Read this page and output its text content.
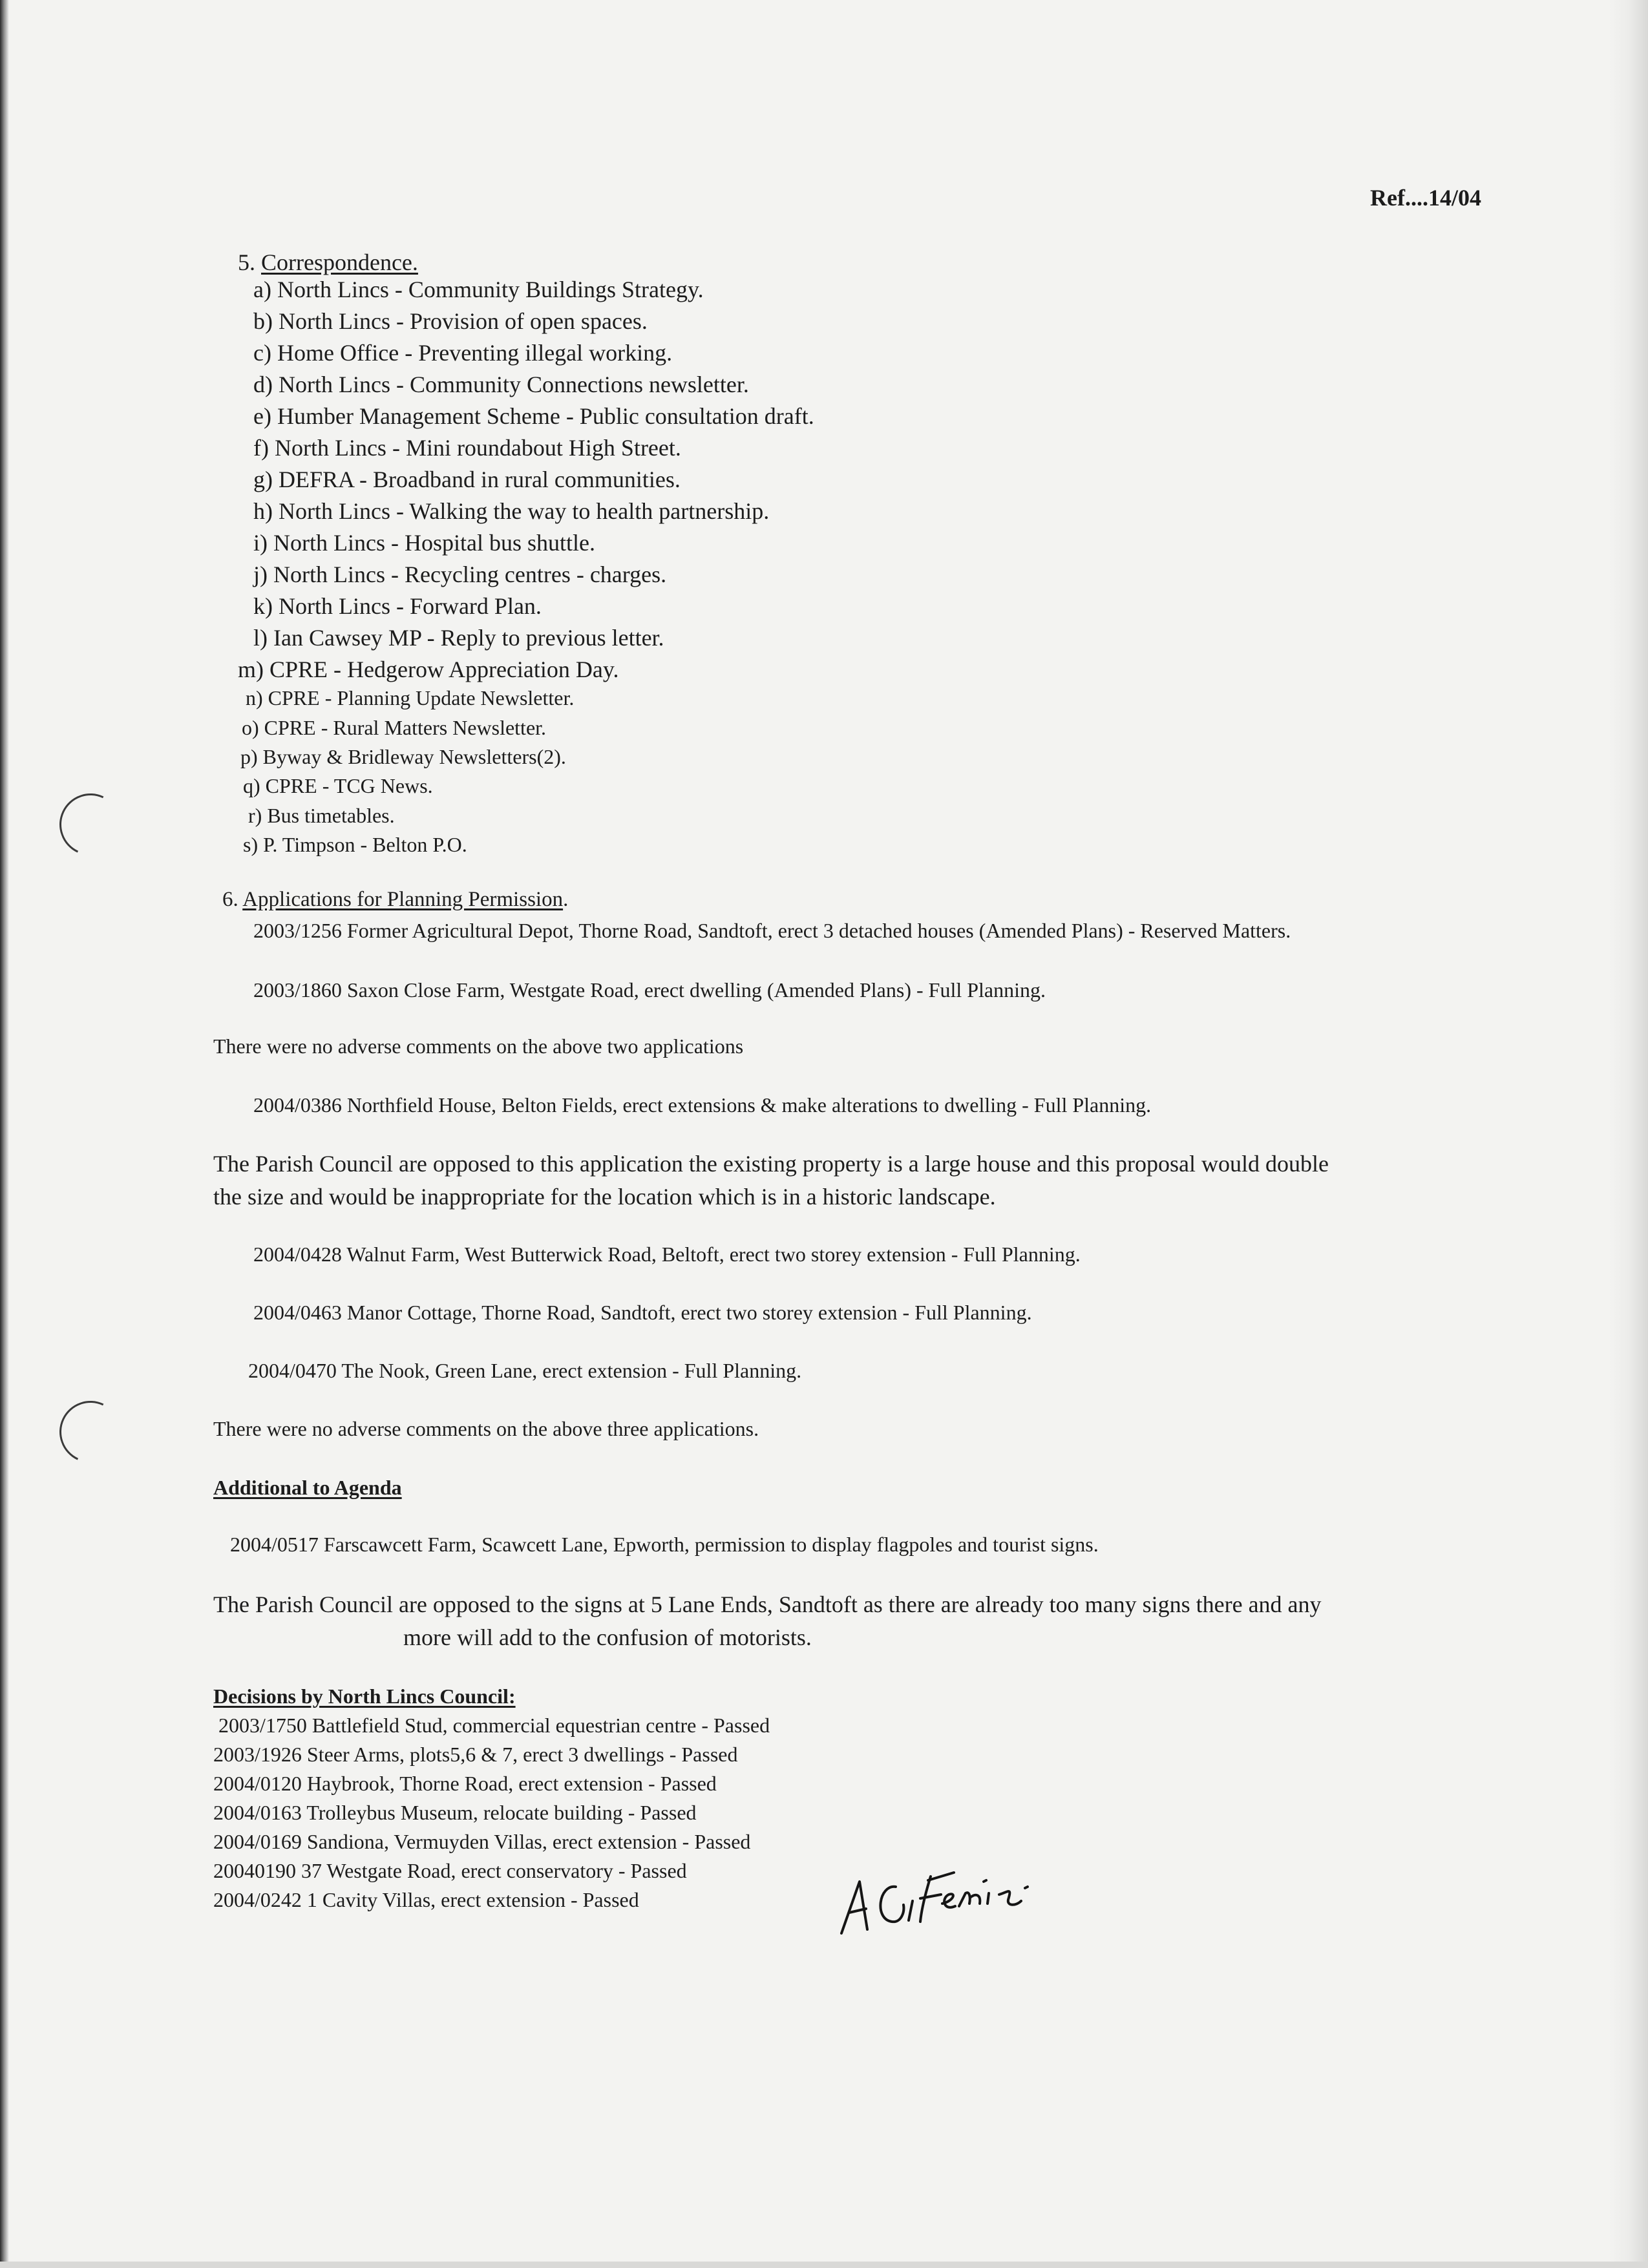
Ref....14/04
5. Correspondence.
a) North Lincs - Community Buildings Strategy.
b) North Lincs - Provision of open spaces.
c) Home Office - Preventing illegal working.
d) North Lincs - Community Connections newsletter.
e) Humber Management Scheme - Public consultation draft.
f) North Lincs - Mini roundabout High Street.
g) DEFRA - Broadband in rural communities.
h) North Lincs - Walking the way to health partnership.
i) North Lincs - Hospital bus shuttle.
j) North Lincs - Recycling centres - charges.
k) North Lincs - Forward Plan.
l) Ian Cawsey MP - Reply to previous letter.
m) CPRE - Hedgerow Appreciation Day.
n) CPRE - Planning Update Newsletter.
o) CPRE - Rural Matters Newsletter.
p) Byway & Bridleway Newsletters(2).
q) CPRE - TCG News.
r) Bus timetables.
s) P. Timpson - Belton P.O.
6. Applications for Planning Permission.
2003/1256 Former Agricultural Depot, Thorne Road, Sandtoft, erect 3 detached houses (Amended Plans) - Reserved Matters.
2003/1860 Saxon Close Farm, Westgate Road, erect dwelling (Amended Plans) - Full Planning.
There were no adverse comments on the above two applications
2004/0386 Northfield House, Belton Fields, erect extensions & make alterations to dwelling - Full Planning.
The Parish Council are opposed to this application the existing property is a large house and this proposal would double
the size and would be inappropriate for the location which is in a historic landscape.
2004/0428 Walnut Farm, West Butterwick Road, Beltoft, erect two storey extension - Full Planning.
2004/0463 Manor Cottage, Thorne Road, Sandtoft, erect two storey extension - Full Planning.
2004/0470 The Nook, Green Lane, erect extension - Full Planning.
There were no adverse comments on the above three applications.
Additional to Agenda
2004/0517 Farscawcett Farm, Scawcett Lane, Epworth, permission to display flagpoles and tourist signs.
The Parish Council are opposed to the signs at 5 Lane Ends, Sandtoft as there are already too many signs there and any
more will add to the confusion of motorists.
Decisions by North Lincs Council:
2003/1750 Battlefield Stud, commercial equestrian centre - Passed
2003/1926 Steer Arms, plots5,6 & 7, erect 3 dwellings - Passed
2004/0120 Haybrook, Thorne Road, erect extension - Passed
2004/0163 Trolleybus Museum, relocate building - Passed
2004/0169 Sandiona, Vermuyden Villas, erect extension - Passed
20040190 37 Westgate Road, erect conservatory - Passed
2004/0242 1 Cavity Villas, erect extension - Passed
